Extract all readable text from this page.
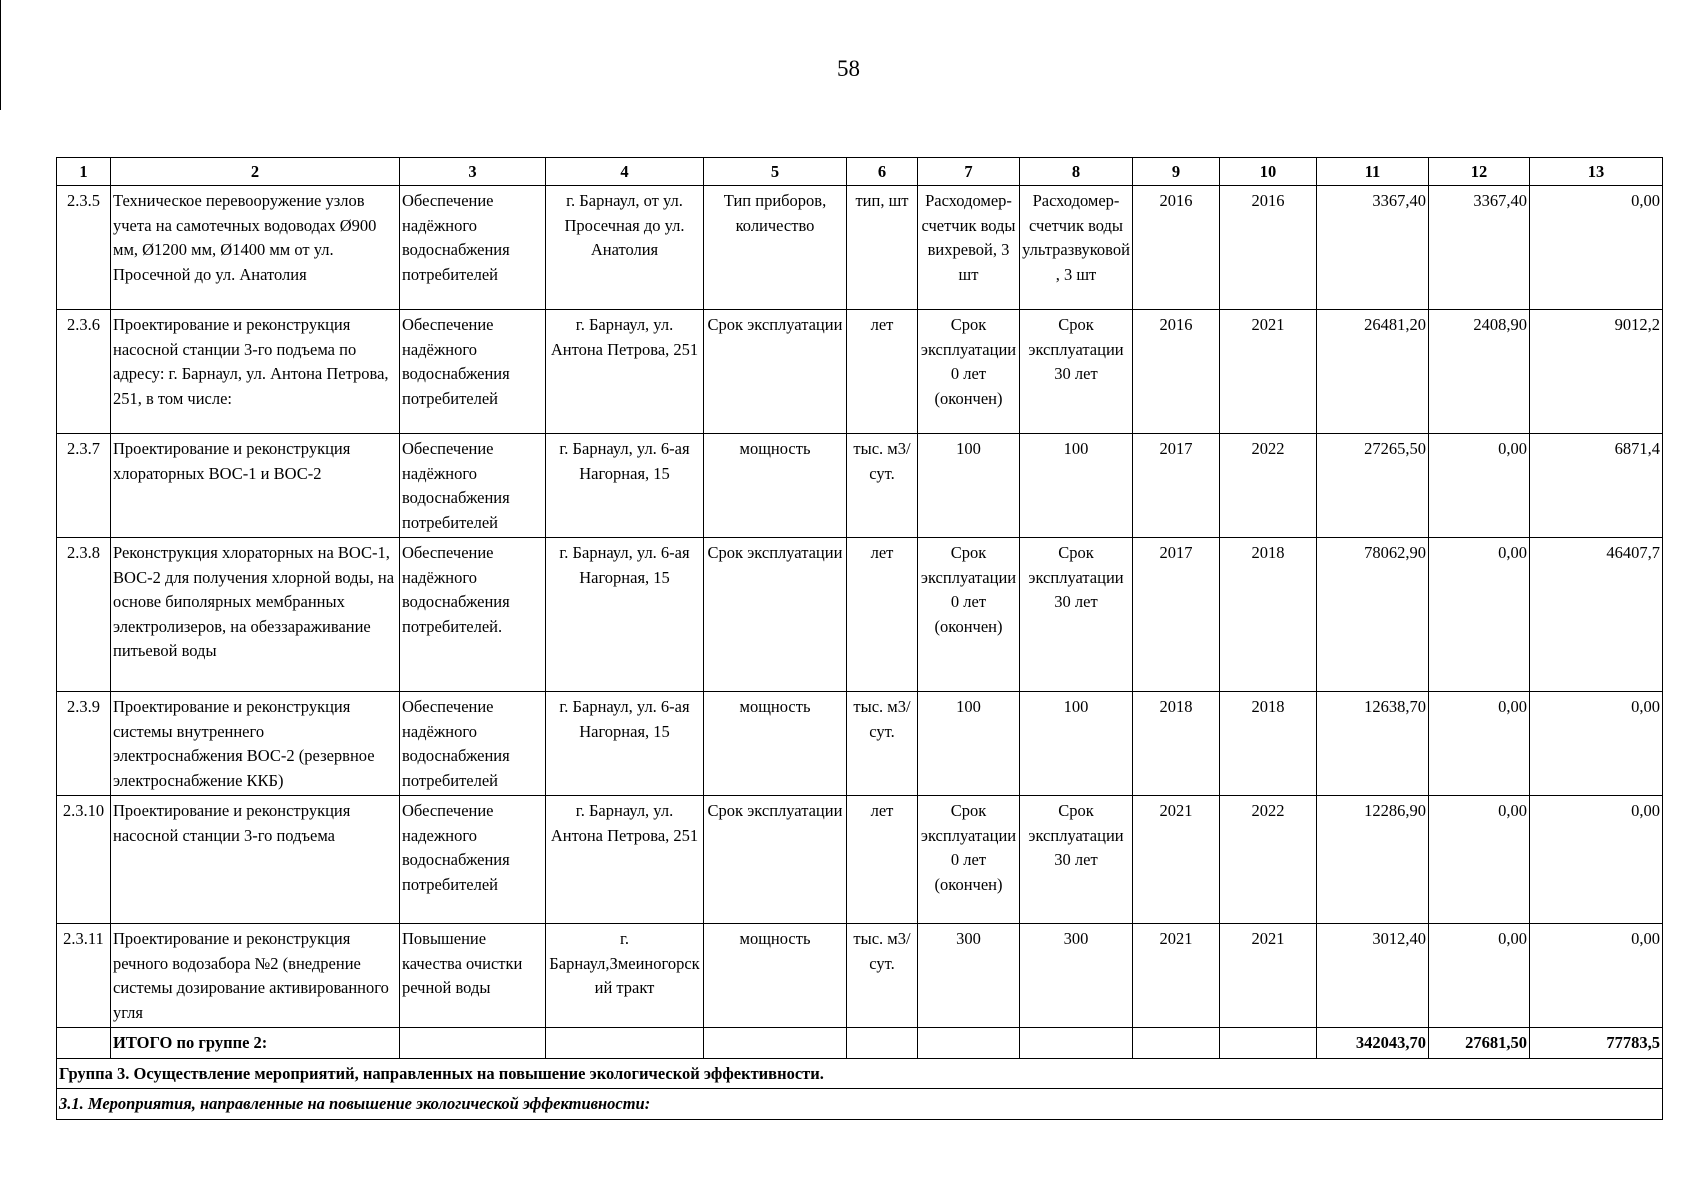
58
1	2	3	4	5	6	7	8	9	10	11	12	13
2.3.5	Техническое перевооружение узлов учета на самотечных водоводах Ø900 мм, Ø1200 мм, Ø1400 мм от ул. Просечной до ул. Анатолия	Обеспечение надёжного водоснабжения потребителей	г. Барнаул, от ул. Просечная до ул. Анатолия	Тип приборов, количество	тип, шт	Расходомер-счетчик воды вихревой, 3 шт	Расходомер-счетчик воды ультразвуковой, 3 шт	2016	2016	3367,40	3367,40	0,00
2.3.6	Проектирование и реконструкция насосной станции 3-го подъема по адресу: г. Барнаул, ул. Антона Петрова, 251, в том числе:	Обеспечение надёжного водоснабжения потребителей	г. Барнаул, ул. Антона Петрова, 251	Срок эксплуатации	лет	Срок эксплуатации 0 лет (окончен)	Срок эксплуатации 30 лет	2016	2021	26481,20	2408,90	9012,2
2.3.7	Проектирование и реконструкция хлораторных ВОС-1 и ВОС-2	Обеспечение надёжного водоснабжения потребителей	г. Барнаул, ул. 6-ая Нагорная, 15	мощность	тыс. м3/сут.	100	100	2017	2022	27265,50	0,00	6871,4
2.3.8	Реконструкция хлораторных на ВОС-1, ВОС-2 для получения хлорной воды, на основе биполярных мембранных электролизеров, на обеззараживание питьевой воды	Обеспечение надёжного водоснабжения потребителей.	г. Барнаул, ул. 6-ая Нагорная, 15	Срок эксплуатации	лет	Срок эксплуатации 0 лет (окончен)	Срок эксплуатации 30 лет	2017	2018	78062,90	0,00	46407,7
2.3.9	Проектирование и реконструкция системы внутреннего электроснабжения ВОС-2 (резервное электроснабжение ККБ)	Обеспечение надёжного водоснабжения потребителей	г. Барнаул, ул. 6-ая Нагорная, 15	мощность	тыс. м3/сут.	100	100	2018	2018	12638,70	0,00	0,00
2.3.10	Проектирование и реконструкция насосной станции 3-го подъема	Обеспечение надежного водоснабжения потребителей	г. Барнаул, ул. Антона Петрова, 251	Срок эксплуатации	лет	Срок эксплуатации 0 лет (окончен)	Срок эксплуатации 30 лет	2021	2022	12286,90	0,00	0,00
2.3.11	Проектирование и реконструкция речного водозабора №2 (внедрение системы дозирование активированного угля	Повышение качества очистки речной воды	г. Барнаул,Змеиногорский тракт	мощность	тыс. м3/сут.	300	300	2021	2021	3012,40	0,00	0,00
	ИТОГО по группе 2:									342043,70	27681,50	77783,5
Группа 3. Осуществление мероприятий, направленных на повышение экологической эффективности.												
3.1. Мероприятия, направленные на повышение экологической эффективности:												
